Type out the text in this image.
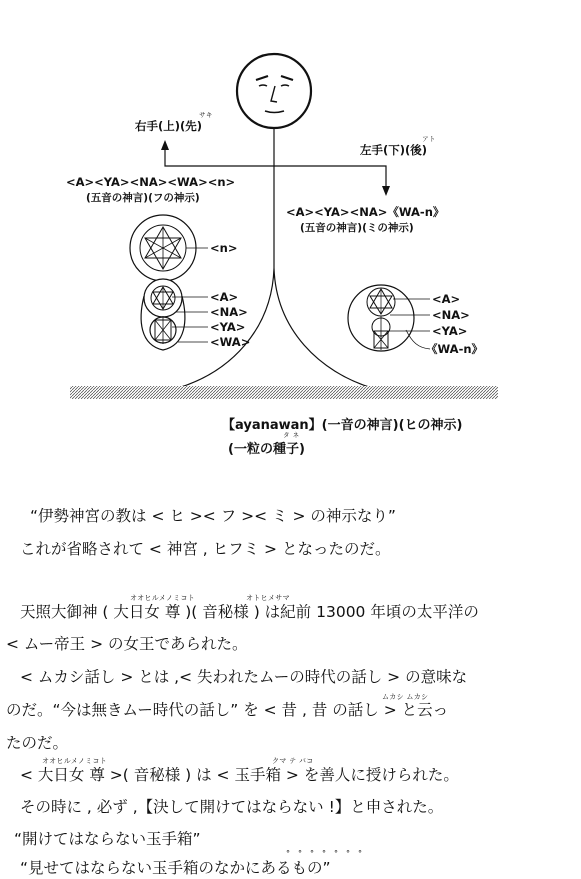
右手(上)(先)
サキ
左手(下)(後)
アト
<A><YA><NA><WA><n>
(五音の神言)(フの神示)
<A><YA><NA>《WA-n》
(五音の神言)(ミの神示)
<n>
<A>
<NA>
<YA>
<WA>
<A>
<NA>
<YA>
《WA-n》
【ayanawan】(一音の神言)(ヒの神示)
タ ネ
(一粒の種子)
“伊勢神宮の教は < ヒ >< フ >< ミ > の神示なり”
これが省略されて < 神宮 , ヒフミ > となったのだ。
オオヒルメノミコト	オトヒメサマ
天照大御神 ( 大日女 尊 )( 音秘様 ) は紀前 13000 年頃の太平洋の
< ムー帝王 > の女王であられた。
< ムカシ話し > とは ,< 失われたムーの時代の話し > の意味な
ムカシ ムカシ
のだ。“今は無きムー時代の話し” を < 昔 , 昔 の話し > と云っ
たのだ。
オオヒルメノミコト	クマ テ バコ
< 大日女 尊 >( 音秘様 ) は < 玉手箱 > を善人に授けられた。
その時に , 必ず ,【決して開けてはならない !】と申された。
“開けてはならない玉手箱”
°°°°°°°
“見せてはならない玉手箱のなかにあるもの”
